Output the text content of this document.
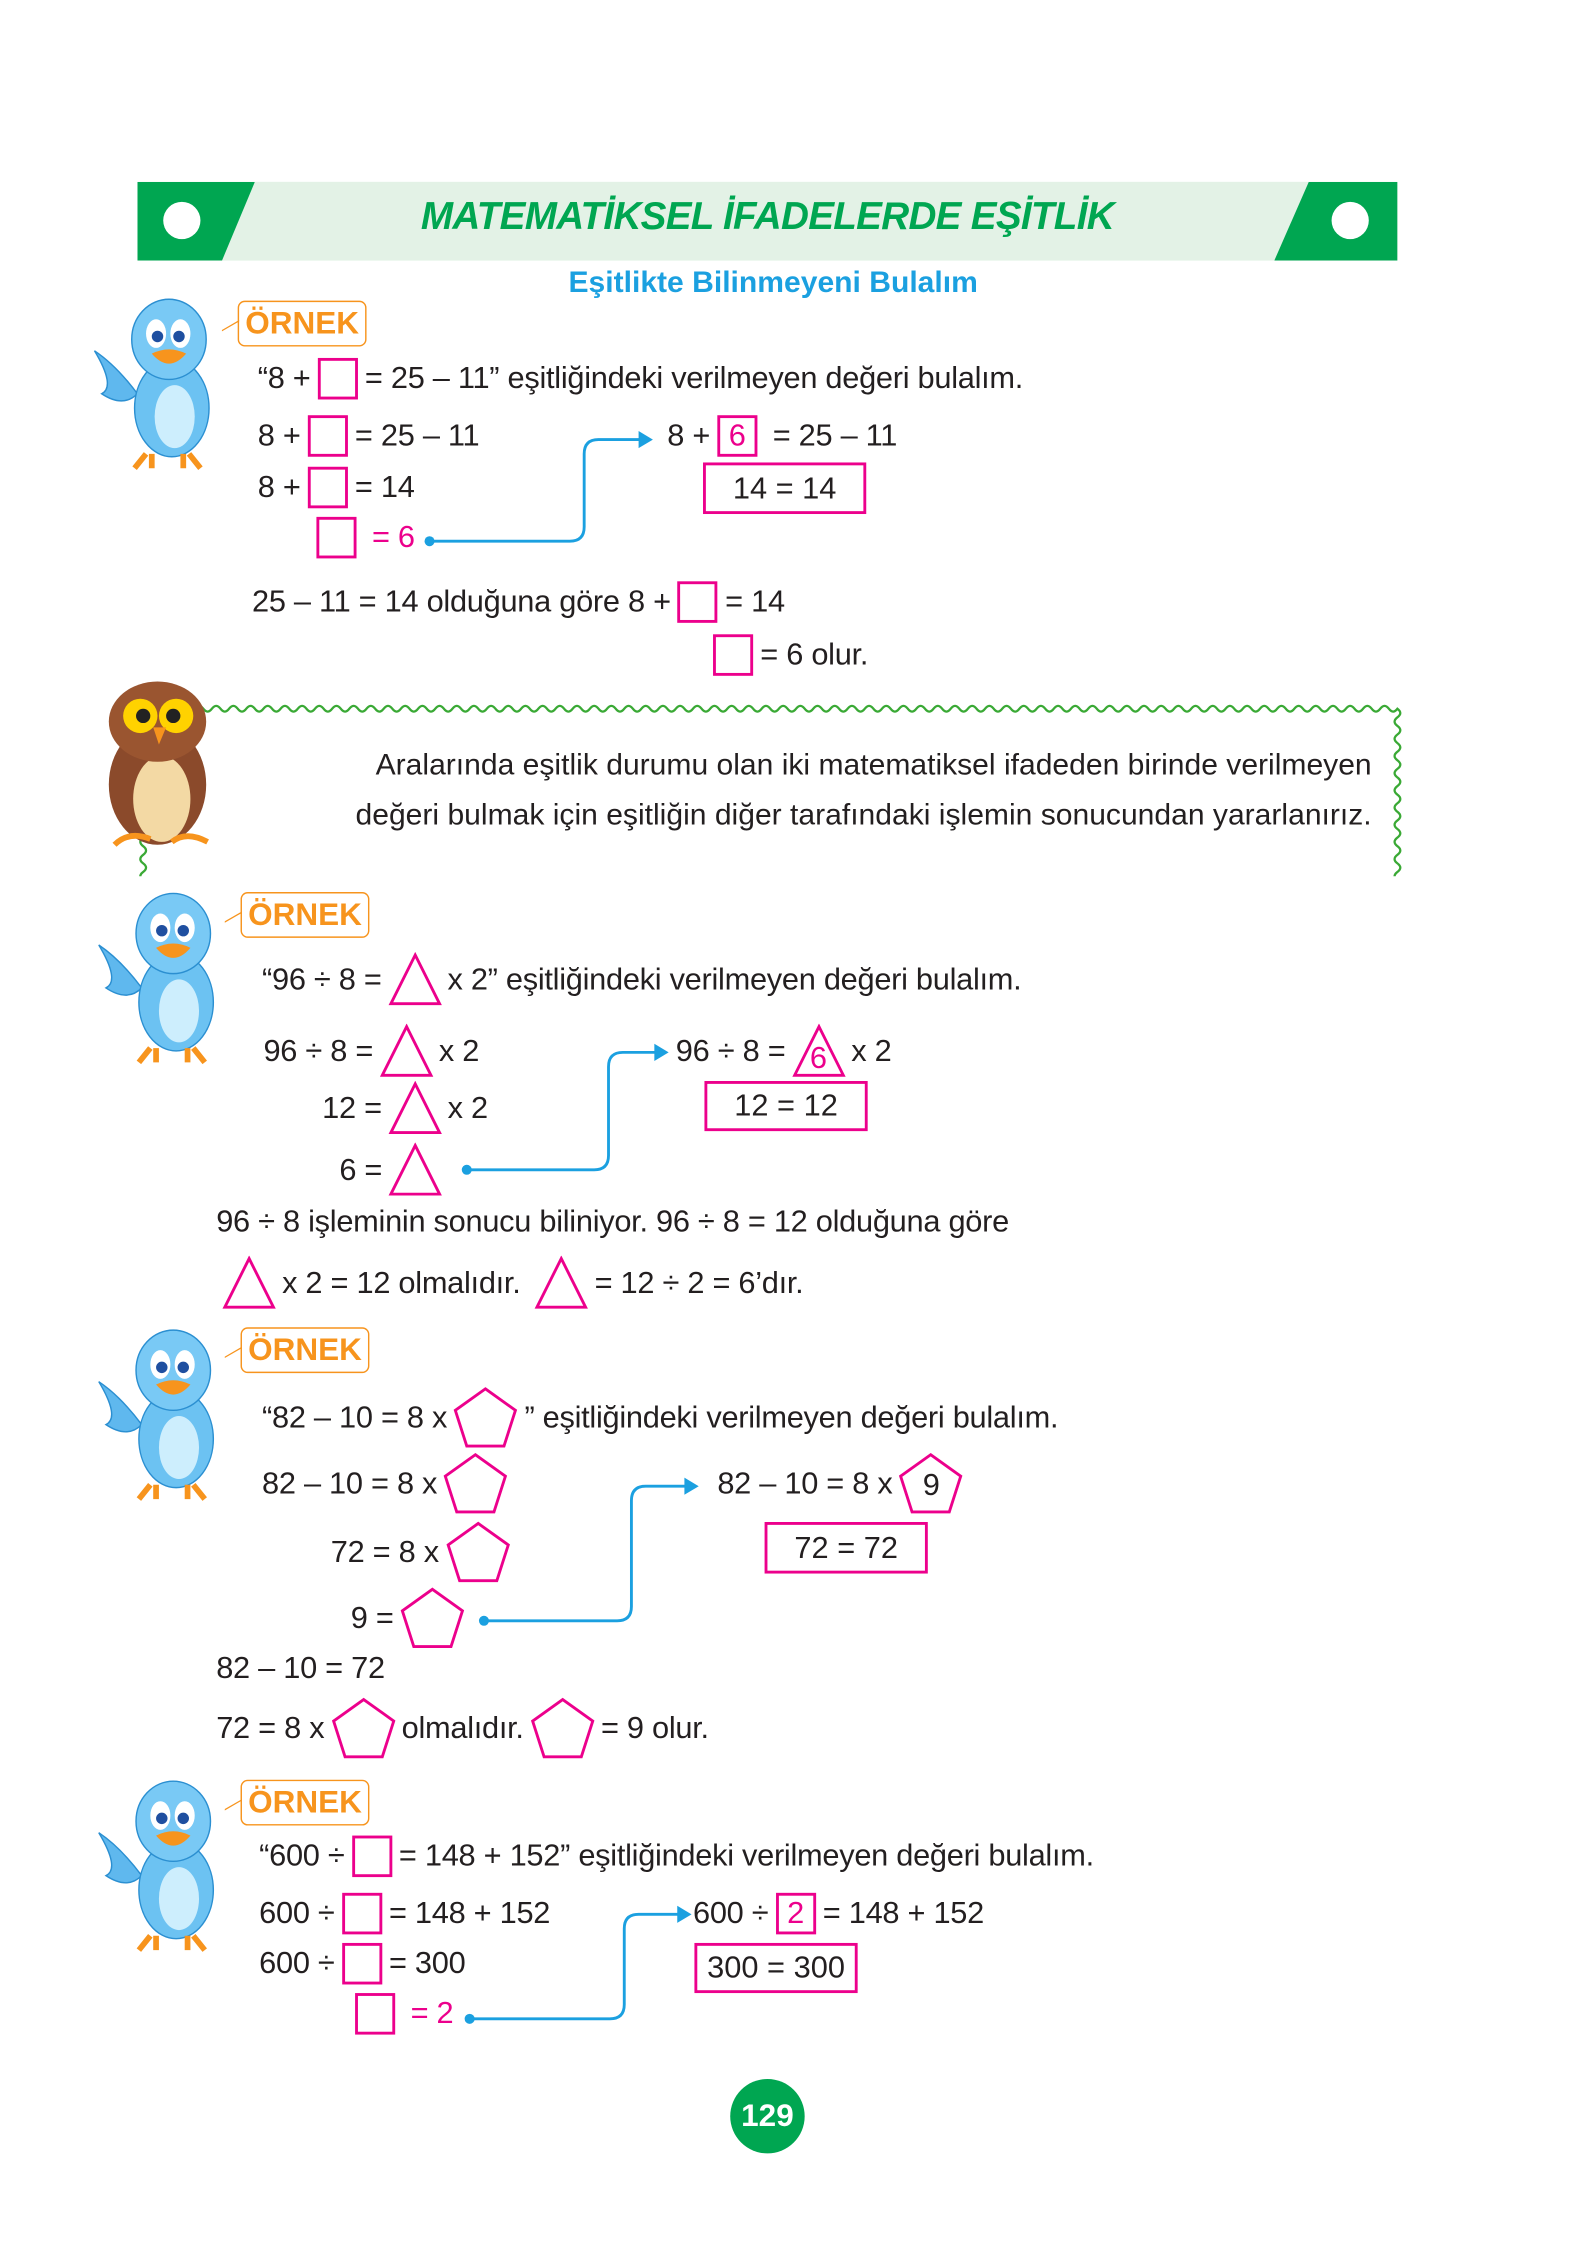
MATEMATİKSEL İFADELERDE EŞİTLİK
Eşitlikte Bilinmeyeni Bulalım
ÖRNEK
ÖRNEK
ÖRNEK
ÖRNEK
“8 +	= 25 – 11” eşitliğindeki verilmeyen değeri bulalım.
8 +	= 25 – 11
8 +	= 14
= 6
8 + 6 = 25 – 11
14 = 14
25 – 11 = 14 olduğuna göre 8 +	= 14
= 6 olur.
Aralarında eşitlik durumu olan iki matematiksel ifadeden birinde verilmeyen
değeri bulmak için eşitliğin diğer tarafındaki işlemin sonucundan yararlanırız.
“96 ÷ 8 =	x 2” eşitliğindeki verilmeyen değeri bulalım.
96 ÷ 8 =	x 2
12 =	x 2
6 =
96 ÷ 8 =	6	x 2
12 = 12
96 ÷ 8 işleminin sonucu biliniyor. 96 ÷ 8 = 12 olduğuna göre
x 2 = 12 olmalıdır.	= 12 ÷ 2 = 6’dır.
“82 – 10 = 8 x	” eşitliğindeki verilmeyen değeri bulalım.
82 – 10 = 8 x
72 = 8 x
9 =
82 – 10 = 8 x	9
72 = 72
82 – 10 = 72
72 = 8 x	olmalıdır.	= 9 olur.
“600 ÷	= 148 + 152” eşitliğindeki verilmeyen değeri bulalım.
600 ÷	= 148 + 152
600 ÷	= 300
= 2
600 ÷ 2 = 148 + 152
300 = 300
129
